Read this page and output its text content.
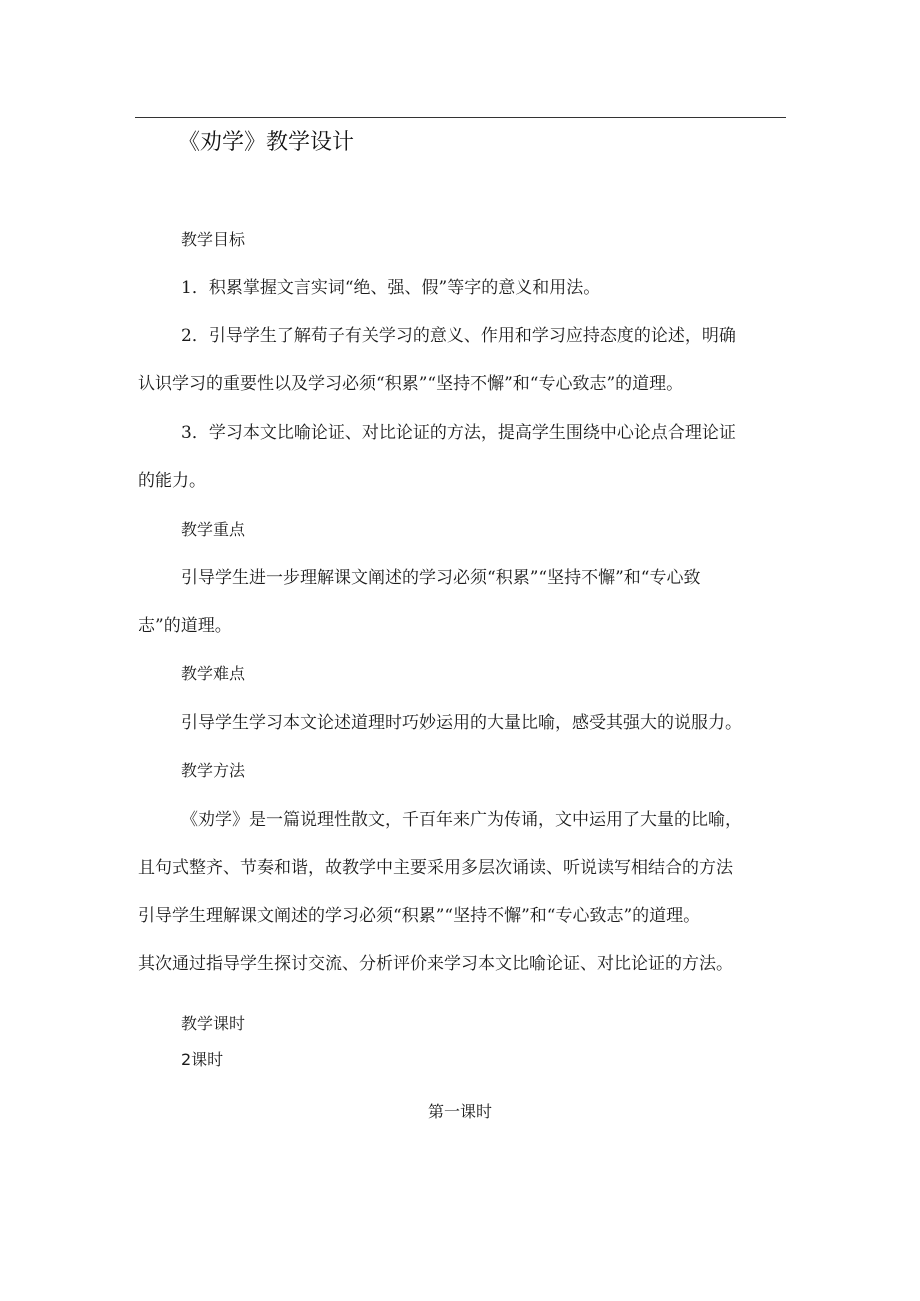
《劝学》教学设计
教学目标
1．积累掌握文言实词“绝、强、假”等字的意义和用法。
2．引导学生了解荀子有关学习的意义、作用和学习应持态度的论述，明确
认识学习的重要性以及学习必须“积累”“坚持不懈”和“专心致志”的道理。
3．学习本文比喻论证、对比论证的方法，提高学生围绕中心论点合理论证
的能力。
教学重点
引导学生进一步理解课文阐述的学习必须“积累”“坚持不懈”和“专心致
志”的道理。
教学难点
引导学生学习本文论述道理时巧妙运用的大量比喻，感受其强大的说服力。
教学方法
《劝学》是一篇说理性散文，千百年来广为传诵，文中运用了大量的比喻，
且句式整齐、节奏和谐，故教学中主要采用多层次诵读、听说读写相结合的方法
引导学生理解课文阐述的学习必须“积累”“坚持不懈”和“专心致志”的道理。
其次通过指导学生探讨交流、分析评价来学习本文比喻论证、对比论证的方法。
教学课时
2课时
第一课时
